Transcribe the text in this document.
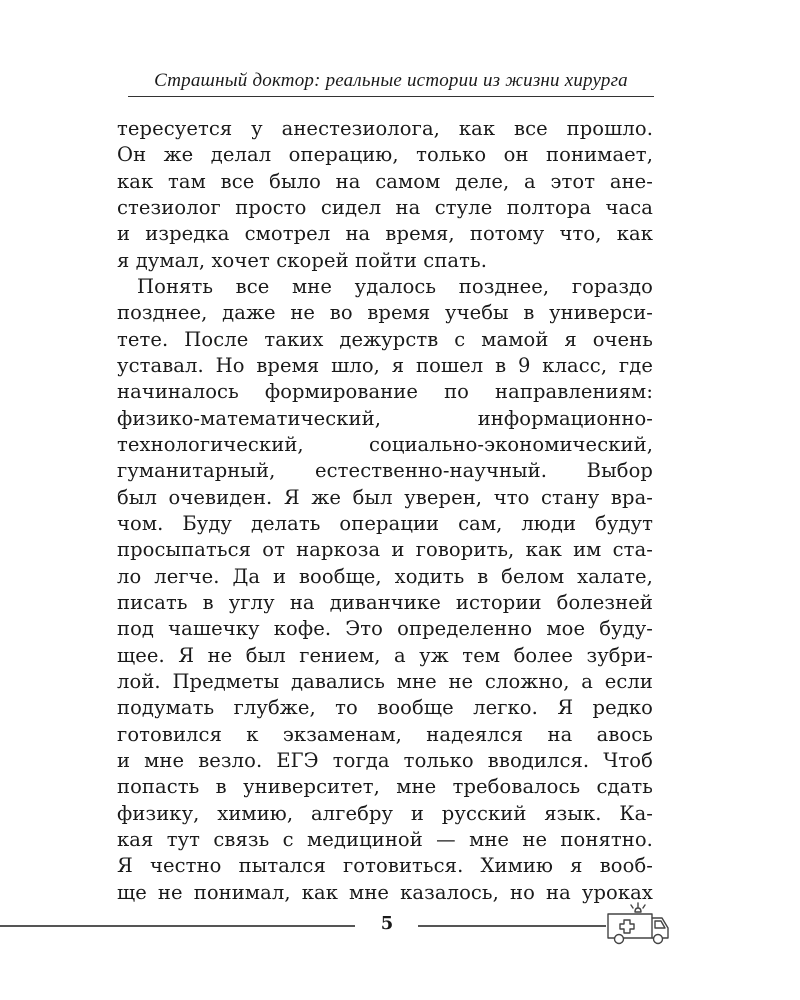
Страшный доктор: реальные истории из жизни хирурга
тересуется у анестезиолога, как все прошло.
Он же делал операцию, только он понимает,
как там все было на самом деле, а этот ане-
стезиолог просто сидел на стуле полтора часа
и изредка смотрел на время, потому что, как
я думал, хочет скорей пойти спать.
Понять все мне удалось позднее, гораздо
позднее, даже не во время учебы в универси-
тете. После таких дежурств с мамой я очень
уставал. Но время шло, я пошел в 9 класс, где
начиналось формирование по направлениям:
физико-математический, информационно-
технологический, социально-экономический,
гуманитарный, естественно-научный. Выбор
был очевиден. Я же был уверен, что стану вра-
чом. Буду делать операции сам, люди будут
просыпаться от наркоза и говорить, как им ста-
ло легче. Да и вообще, ходить в белом халате,
писать в углу на диванчике истории болезней
под чашечку кофе. Это определенно мое буду-
щее. Я не был гением, а уж тем более зубри-
лой. Предметы давались мне не сложно, а если
подумать глубже, то вообще легко. Я редко
готовился к экзаменам, надеялся на авось
и мне везло. ЕГЭ тогда только вводился. Чтоб
попасть в университет, мне требовалось сдать
физику, химию, алгебру и русский язык. Ка-
кая тут связь с медициной — мне не понятно.
Я честно пытался готовиться. Химию я вооб-
ще не понимал, как мне казалось, но на уроках
5
